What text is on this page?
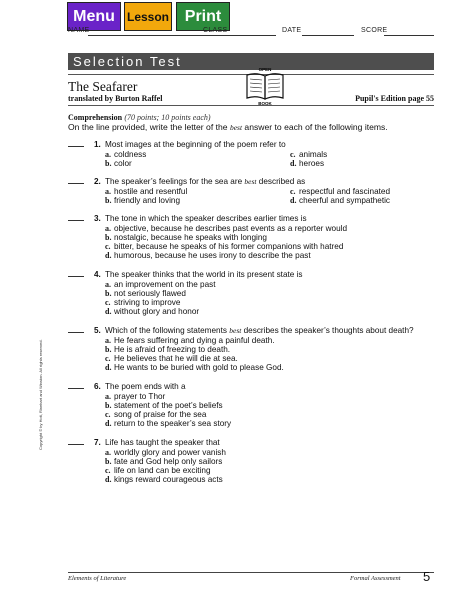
Menu	Lesson Print
NAME	CLASS	DATE	SCORE
Selection Test
The Seafarer
translated by Burton Raffel
OPEN
BOOK
Pupil's Edition page 55
Comprehension (70 points; 10 points each)
On the line provided, write the letter of the best answer to each of the following items.
1. Most images at the beginning of the poem refer to
a. coldness
b. color
c. animals
d. heroes
2. The speaker’s feelings for the sea are best described as
a. hostile and resentful
b. friendly and loving
c. respectful and fascinated
d. cheerful and sympathetic
3. The tone in which the speaker describes earlier times is
a. objective, because he describes past events as a reporter would
b. nostalgic, because he speaks with longing
c. bitter, because he speaks of his former companions with hatred
d. humorous, because he uses irony to describe the past
4. The speaker thinks that the world in its present state is
a. an improvement on the past
b. not seriously flawed
c. striving to improve
d. without glory and honor
5. Which of the following statements best describes the speaker’s thoughts about death?
a. He fears suffering and dying a painful death.
b. He is afraid of freezing to death.
c. He believes that he will die at sea.
d. He wants to be buried with gold to please God.
6. The poem ends with a
a. prayer to Thor
b. statement of the poet’s beliefs
c. song of praise for the sea
d. return to the speaker’s sea story
7. Life has taught the speaker that
a. worldly glory and power vanish
b. fate and God help only sailors
c. life on land can be exciting
d. kings reward courageous acts
Copyright © by Holt, Rinehart and Winston. All rights reserved.
Elements of Literature	Formal Assessment 5
